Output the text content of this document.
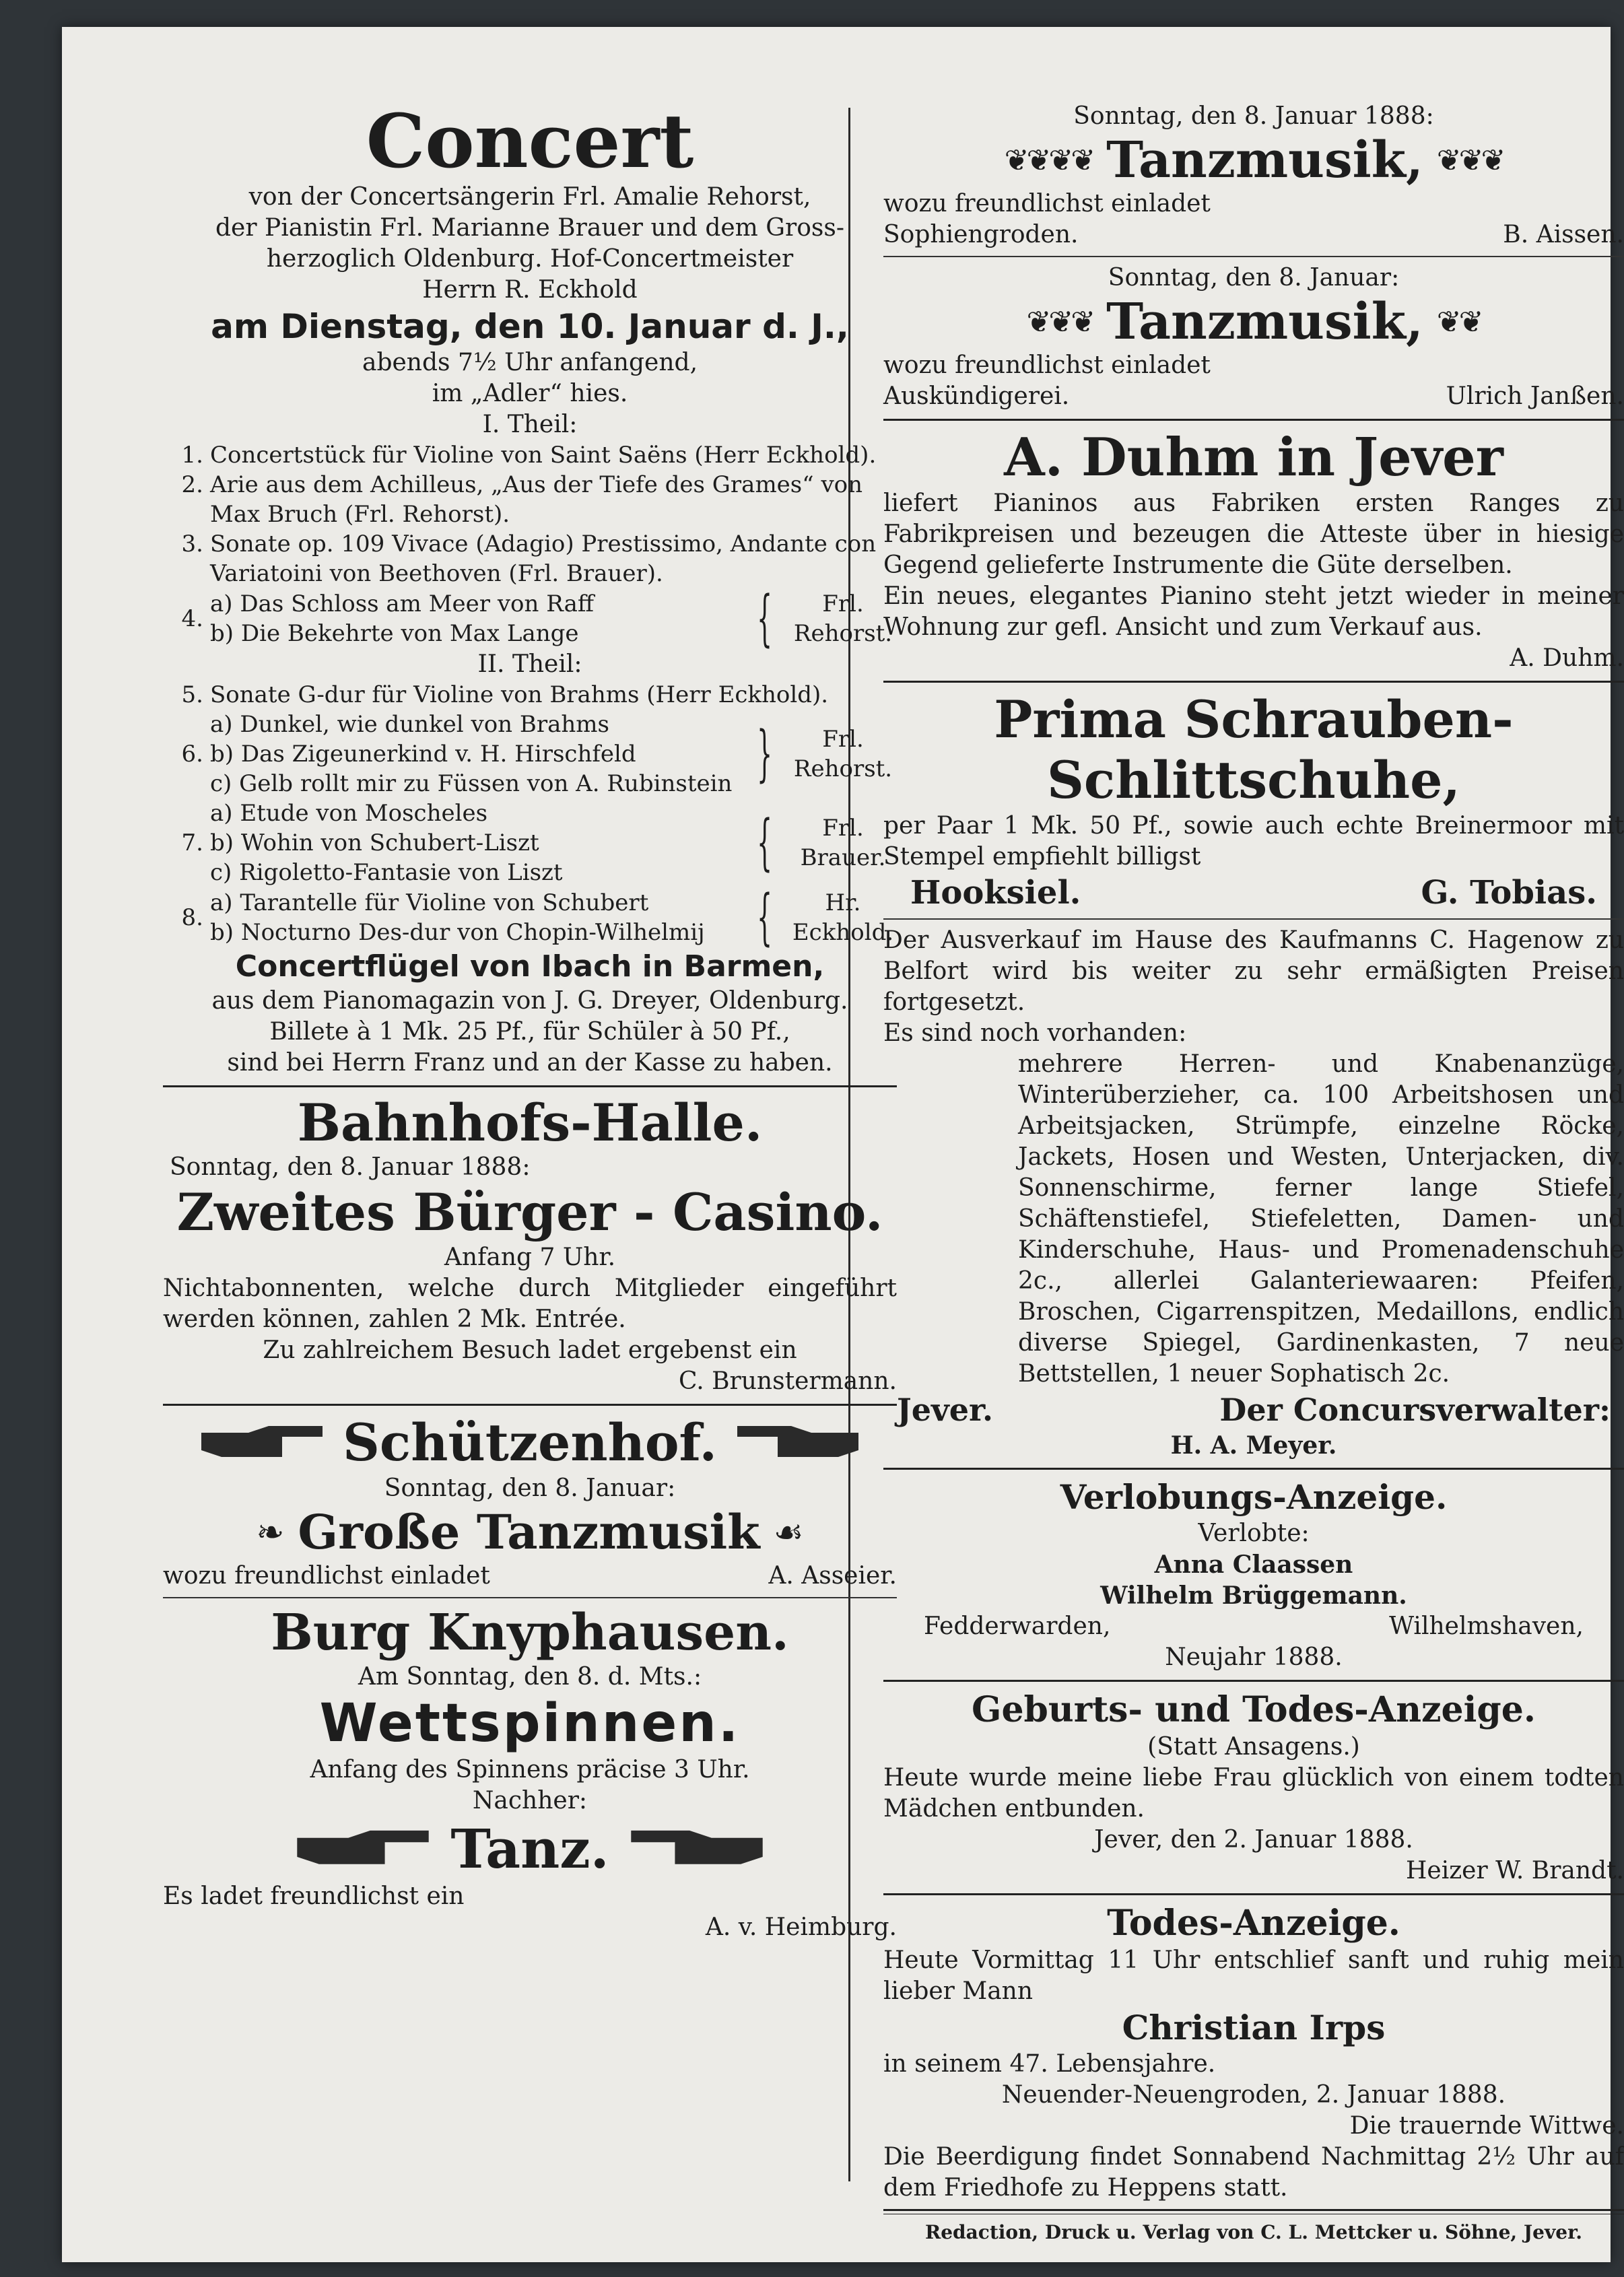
Concert
von der Concertsängerin Frl. Amalie Rehorst,
der Pianistin Frl. Marianne Brauer und dem Gross-
herzoglich Oldenburg. Hof-Concertmeister
Herrn R. Eckhold
am Dienstag, den 10. Januar d. J.,
abends 7½ Uhr anfangend,
im „Adler“ hies.
I. Theil:
1. Concertstück für Violine von Saint Saëns (Herr Eckhold).
2. Arie aus dem Achilleus, „Aus der Tiefe des Grames“ von Max Bruch (Frl. Rehorst).
3. Sonate op. 109 Vivace (Adagio) Prestissimo, Andante con Variatoini von Beethoven (Frl. Brauer).
4.
a) Das Schloss am Meer von Raff
b) Die Bekehrte von Max Lange	{	Frl. Rehorst.
II. Theil:
5. Sonate G-dur für Violine von Brahms (Herr Eckhold).
6.
a) Dunkel, wie dunkel von Brahms
b) Das Zigeunerkind v. H. Hirschfeld
c) Gelb rollt mir zu Füssen von A. Rubinstein }	Frl. Rehorst.
7.
a) Etude von Moscheles
b) Wohin von Schubert-Liszt
c) Rigoletto-Fantasie von Liszt	{	Frl. Brauer.
8.
a) Tarantelle für Violine von Schubert
b) Nocturno Des-dur von Chopin-Wilhelmij {	Hr. Eckhold.
Concertflügel von Ibach in Barmen,
aus dem Pianomagazin von J. G. Dreyer, Oldenburg.
Billete à 1 Mk. 25 Pf., für Schüler à 50 Pf.,
sind bei Herrn Franz und an der Kasse zu haben.
Bahnhofs-Halle.
Sonntag, den 8. Januar 1888:
Zweites Bürger - Casino.
Anfang 7 Uhr.
Nichtabonnenten, welche durch Mitglieder eingeführt werden können, zahlen 2 Mk. Entrée.
Zu zahlreichem Besuch ladet ergebenst ein
C. Brunstermann.
Schützenhof.
Sonntag, den 8. Januar:
❧ Große Tanzmusik ☙
wozu freundlichst einladet	A. Asseier.
Burg Knyphausen.
Am Sonntag, den 8. d. Mts.:
Wettspinnen.
Anfang des Spinnens präcise 3 Uhr.
Nachher:
Tanz.
Es ladet freundlichst ein
A. v. Heimburg.
Sonntag, den 8. Januar 1888:
❦❦❦❦ Tanzmusik, ❦❦❦
wozu freundlichst einladet
Sophiengroden.	B. Aissen.
Sonntag, den 8. Januar:
❦❦❦ Tanzmusik, ❦❦
wozu freundlichst einladet
Auskündigerei.	Ulrich Janßen.
A. Duhm in Jever
liefert Pianinos aus Fabriken ersten Ranges zu Fabrikpreisen und bezeugen die Atteste über in hiesige Gegend gelieferte Instrumente die Güte derselben.
Ein neues, elegantes Pianino steht jetzt wieder in meiner Wohnung zur gefl. Ansicht und zum Verkauf aus.
A. Duhm.
Prima Schrauben-Schlittschuhe,
per Paar 1 Mk. 50 Pf., sowie auch echte Breinermoor mit Stempel empfiehlt billigst
Hooksiel.	G. Tobias.
Der Ausverkauf im Hause des Kaufmanns C. Hagenow zu Belfort wird bis weiter zu sehr ermäßigten Preisen fortgesetzt.
Es sind noch vorhanden:
mehrere Herren- und Knabenanzüge, Winterüberzieher, ca. 100 Arbeitshosen und Arbeitsjacken, Strümpfe, einzelne Röcke, Jackets, Hosen und Westen, Unterjacken, div. Sonnenschirme, ferner lange Stiefel, Schäftenstiefel, Stiefeletten, Damen- und Kinderschuhe, Haus- und Promenadenschuhe 2c., allerlei Galanteriewaaren: Pfeifen, Broschen, Cigarrenspitzen, Medaillons, endlich diverse Spiegel, Gardinenkasten, 7 neue Bettstellen, 1 neuer Sophatisch 2c.
Jever.	Der Concursverwalter:
H. A. Meyer.
Verlobungs-Anzeige.
Verlobte:
Anna Claassen
Wilhelm Brüggemann.
Fedderwarden,	Wilhelmshaven,
Neujahr 1888.
Geburts- und Todes-Anzeige.
(Statt Ansagens.)
Heute wurde meine liebe Frau glücklich von einem todten Mädchen entbunden.
Jever, den 2. Januar 1888.
Heizer W. Brandt.
Todes-Anzeige.
Heute Vormittag 11 Uhr entschlief sanft und ruhig mein lieber Mann
Christian Irps
in seinem 47. Lebensjahre.
Neuender-Neuengroden, 2. Januar 1888.
Die trauernde Wittwe.
Die Beerdigung findet Sonnabend Nachmittag 2½ Uhr auf dem Friedhofe zu Heppens statt.
Redaction, Druck u. Verlag von C. L. Mettcker u. Söhne, Jever.
